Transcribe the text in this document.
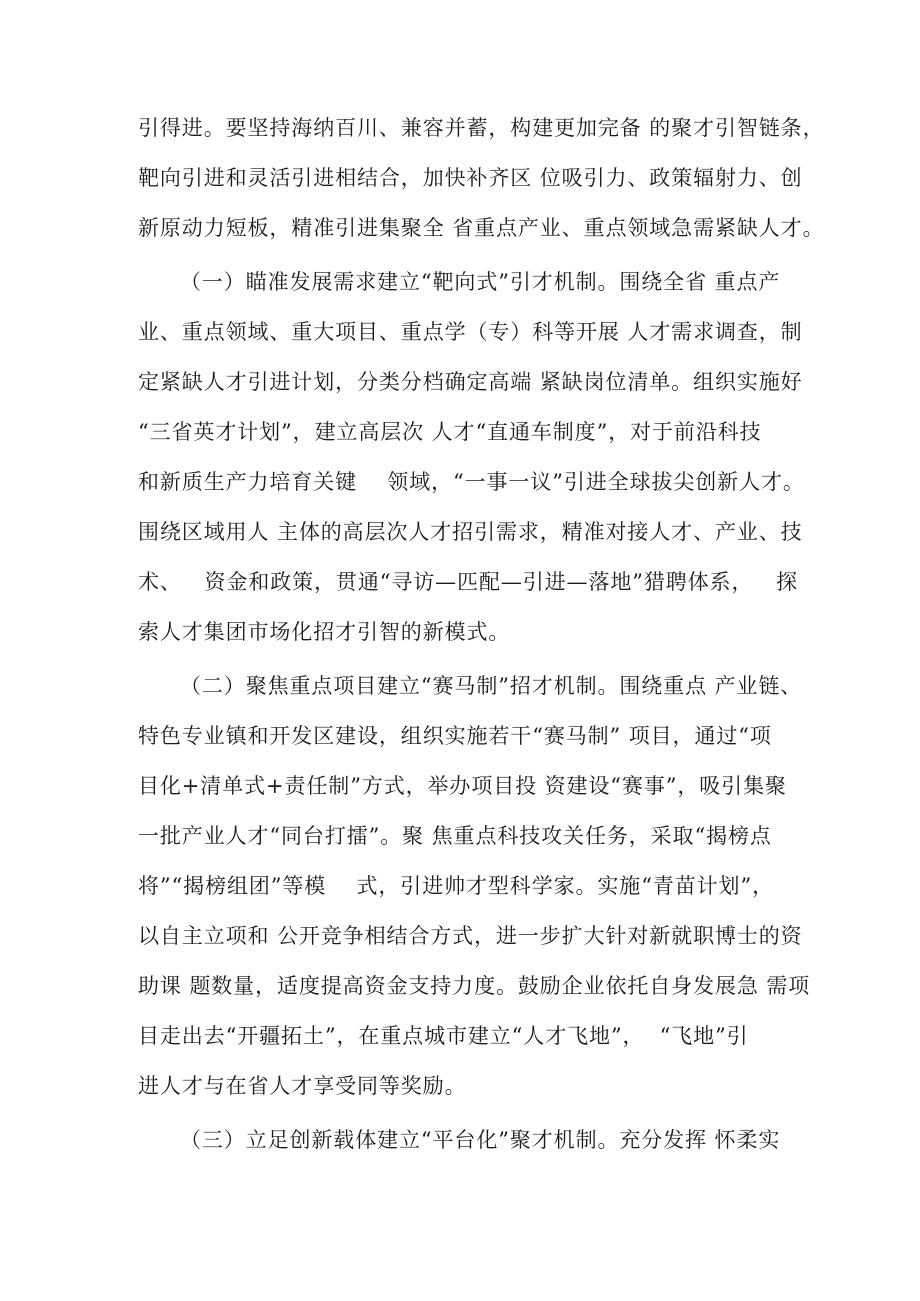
引得进。要坚持海纳百川、兼容并蓄，构建更加完备 的聚才引智链条，
靶向引进和灵活引进相结合，加快补齐区 位吸引力、政策辐射力、创
新原动力短板，精准引进集聚全 省重点产业、重点领域急需紧缺人才。
（一）瞄准发展需求建立“靶向式”引才机制。围绕全省 重点产
业、重点领域、重大项目、重点学（专）科等开展 人才需求调查，制
定紧缺人才引进计划，分类分档确定高端 紧缺岗位清单。组织实施好
“三省英才计划”，建立高层次 人才“直通车制度”，对于前沿科技
和新质生产力培育关键    领域，“一事一议”引进全球拔尖创新人才。
围绕区域用人 主体的高层次人才招引需求，精准对接人才、产业、技
术、   资金和政策，贯通“寻访—匹配—引进—落地”猎聘体系，   探
索人才集团市场化招才引智的新模式。
（二）聚焦重点项目建立“赛马制”招才机制。围绕重点 产业链、
特色专业镇和开发区建设，组织实施若干“赛马制” 项目，通过“项
目化+清单式+责任制”方式，举办项目投 资建设“赛事”，吸引集聚
一批产业人才“同台打擂”。聚 焦重点科技攻关任务，采取“揭榜点
将”“揭榜组团”等模    式，引进帅才型科学家。实施“青苗计划”，
以自主立项和 公开竞争相结合方式，进一步扩大针对新就职博士的资
助课 题数量，适度提高资金支持力度。鼓励企业依托自身发展急 需项
目走出去“开疆拓土”，在重点城市建立“人才飞地”，  “飞地”引
进人才与在省人才享受同等奖励。
（三）立足创新载体建立“平台化”聚才机制。充分发挥 怀柔实
